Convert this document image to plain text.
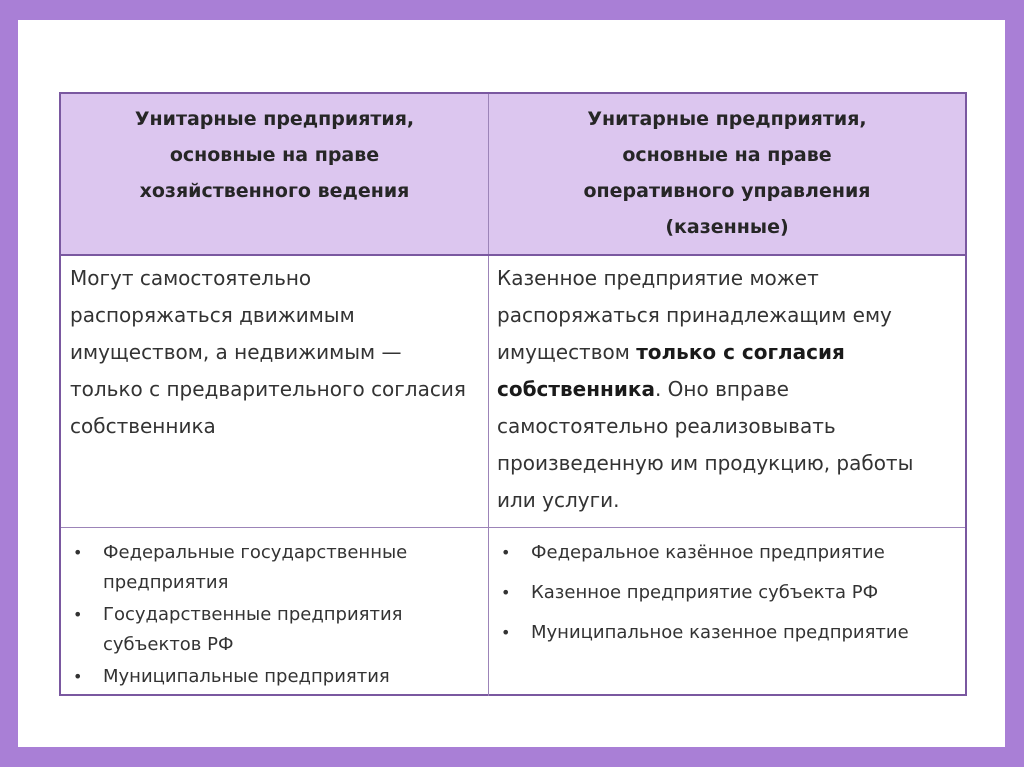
Унитарные предприятия,
основные на праве
хозяйственного ведения
Унитарные предприятия,
основные на праве
оперативного управления
(казенные)
Могут самостоятельно распоряжаться движимым имуществом, а недвижимым — только с предварительного согласия собственника
Казенное предприятие может распоряжаться принадлежащим ему имуществом только с согласия собственника. Оно вправе самостоятельно реализовывать произведенную им продукцию, работы или услуги.
• Федеральные государственные предприятия
• Государственные предприятия субъектов РФ
• Муниципальные предприятия
• Федеральное казённое предприятие
• Казенное предприятие субъекта РФ
• Муниципальное казенное предприятие
